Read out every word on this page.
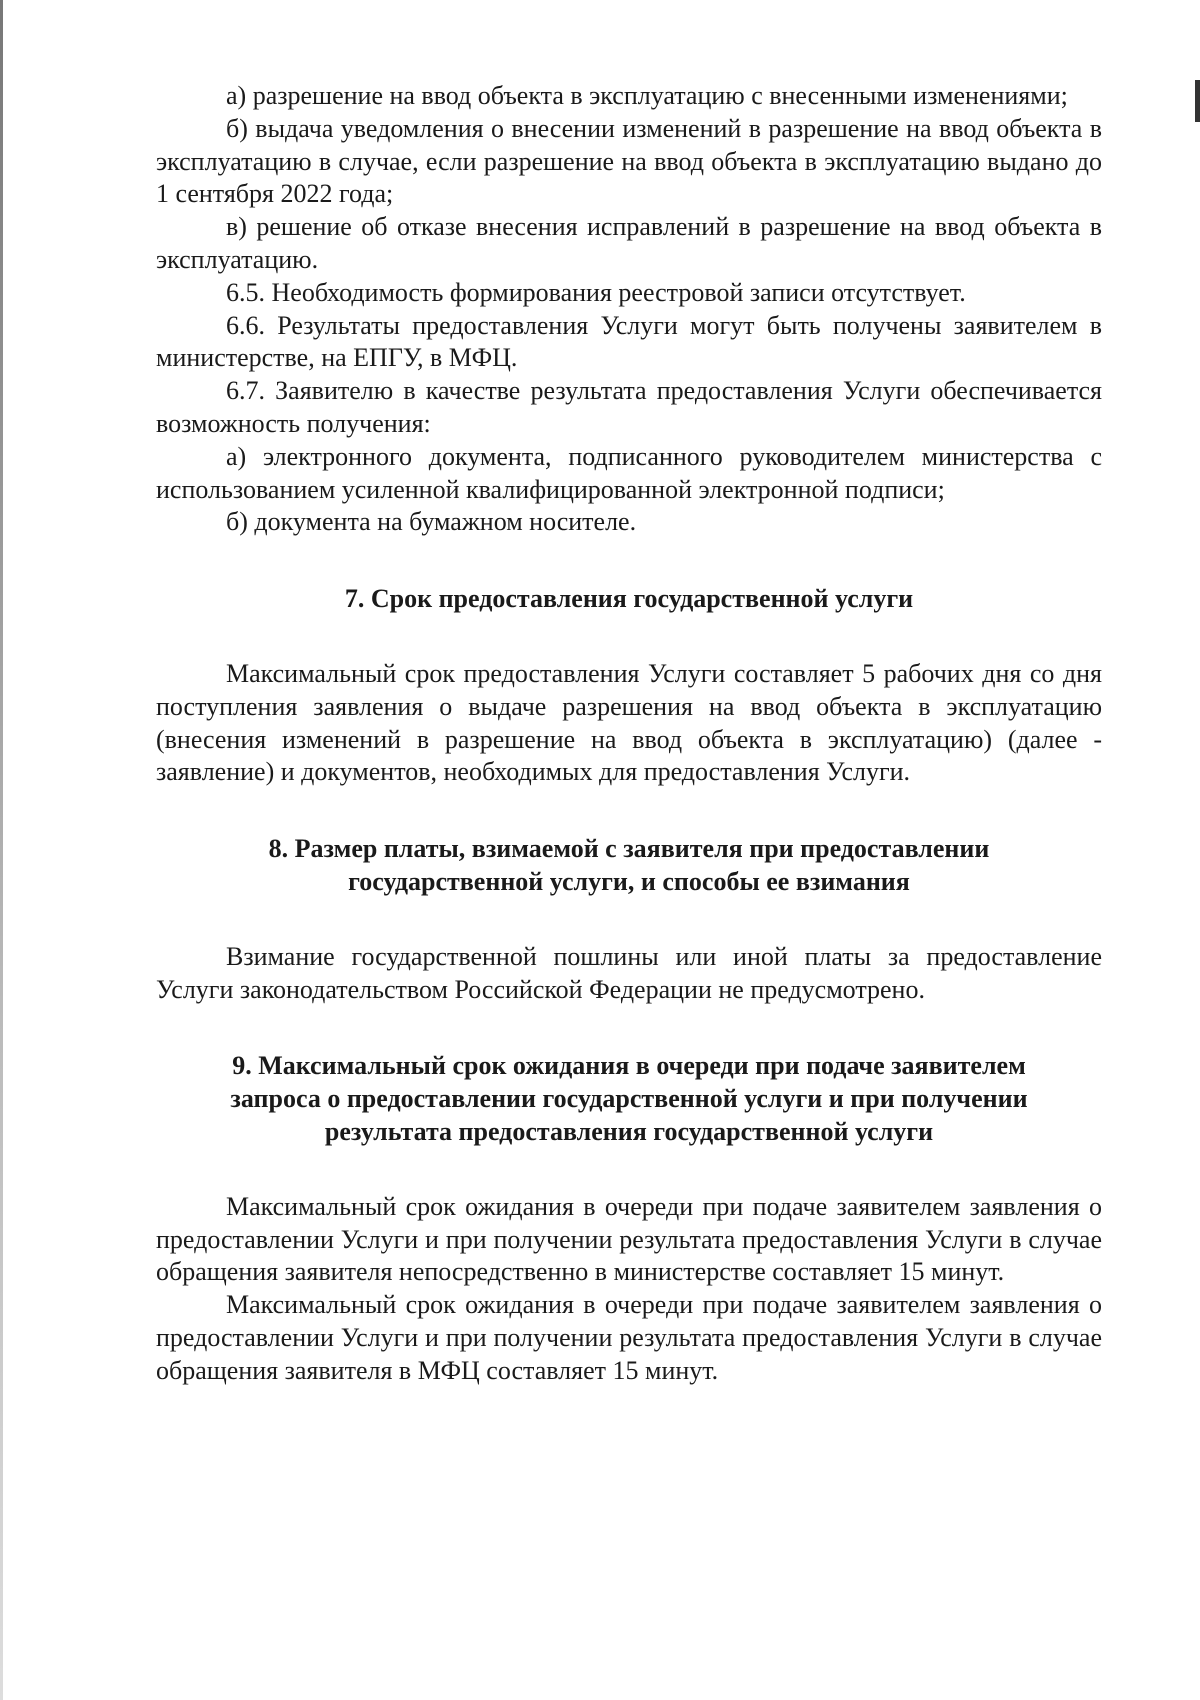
а) разрешение на ввод объекта в эксплуатацию с внесенными изменениями;

б) выдача уведомления о внесении изменений в разрешение на ввод объекта в эксплуатацию в случае, если разрешение на ввод объекта в эксплуатацию выдано до 1 сентября 2022 года;

в) решение об отказе внесения исправлений в разрешение на ввод объекта в эксплуатацию.

6.5. Необходимость формирования реестровой записи отсутствует.

6.6. Результаты предоставления Услуги могут быть получены заявителем в министерстве, на ЕПГУ, в МФЦ.

6.7. Заявителю в качестве результата предоставления Услуги обеспечивается возможность получения:

а) электронного документа, подписанного руководителем министерства с использованием усиленной квалифицированной электронной подписи;

б) документа на бумажном носителе.

7. Срок предоставления государственной услуги

Максимальный срок предоставления Услуги составляет 5 рабочих дня со дня поступления заявления о выдаче разрешения на ввод объекта в эксплуатацию (внесения изменений в разрешение на ввод объекта в эксплуатацию) (далее - заявление) и документов, необходимых для предоставления Услуги.

8. Размер платы, взимаемой с заявителя при предоставлении
государственной услуги, и способы ее взимания

Взимание государственной пошлины или иной платы за предоставление Услуги законодательством Российской Федерации не предусмотрено.

9. Максимальный срок ожидания в очереди при подаче заявителем
запроса о предоставлении государственной услуги и при получении
результата предоставления государственной услуги

Максимальный срок ожидания в очереди при подаче заявителем заявления о предоставлении Услуги и при получении результата предоставления Услуги в случае обращения заявителя непосредственно в министерстве составляет 15 минут.

Максимальный срок ожидания в очереди при подаче заявителем заявления о предоставлении Услуги и при получении результата предоставления Услуги в случае обращения заявителя в МФЦ составляет 15 минут.
